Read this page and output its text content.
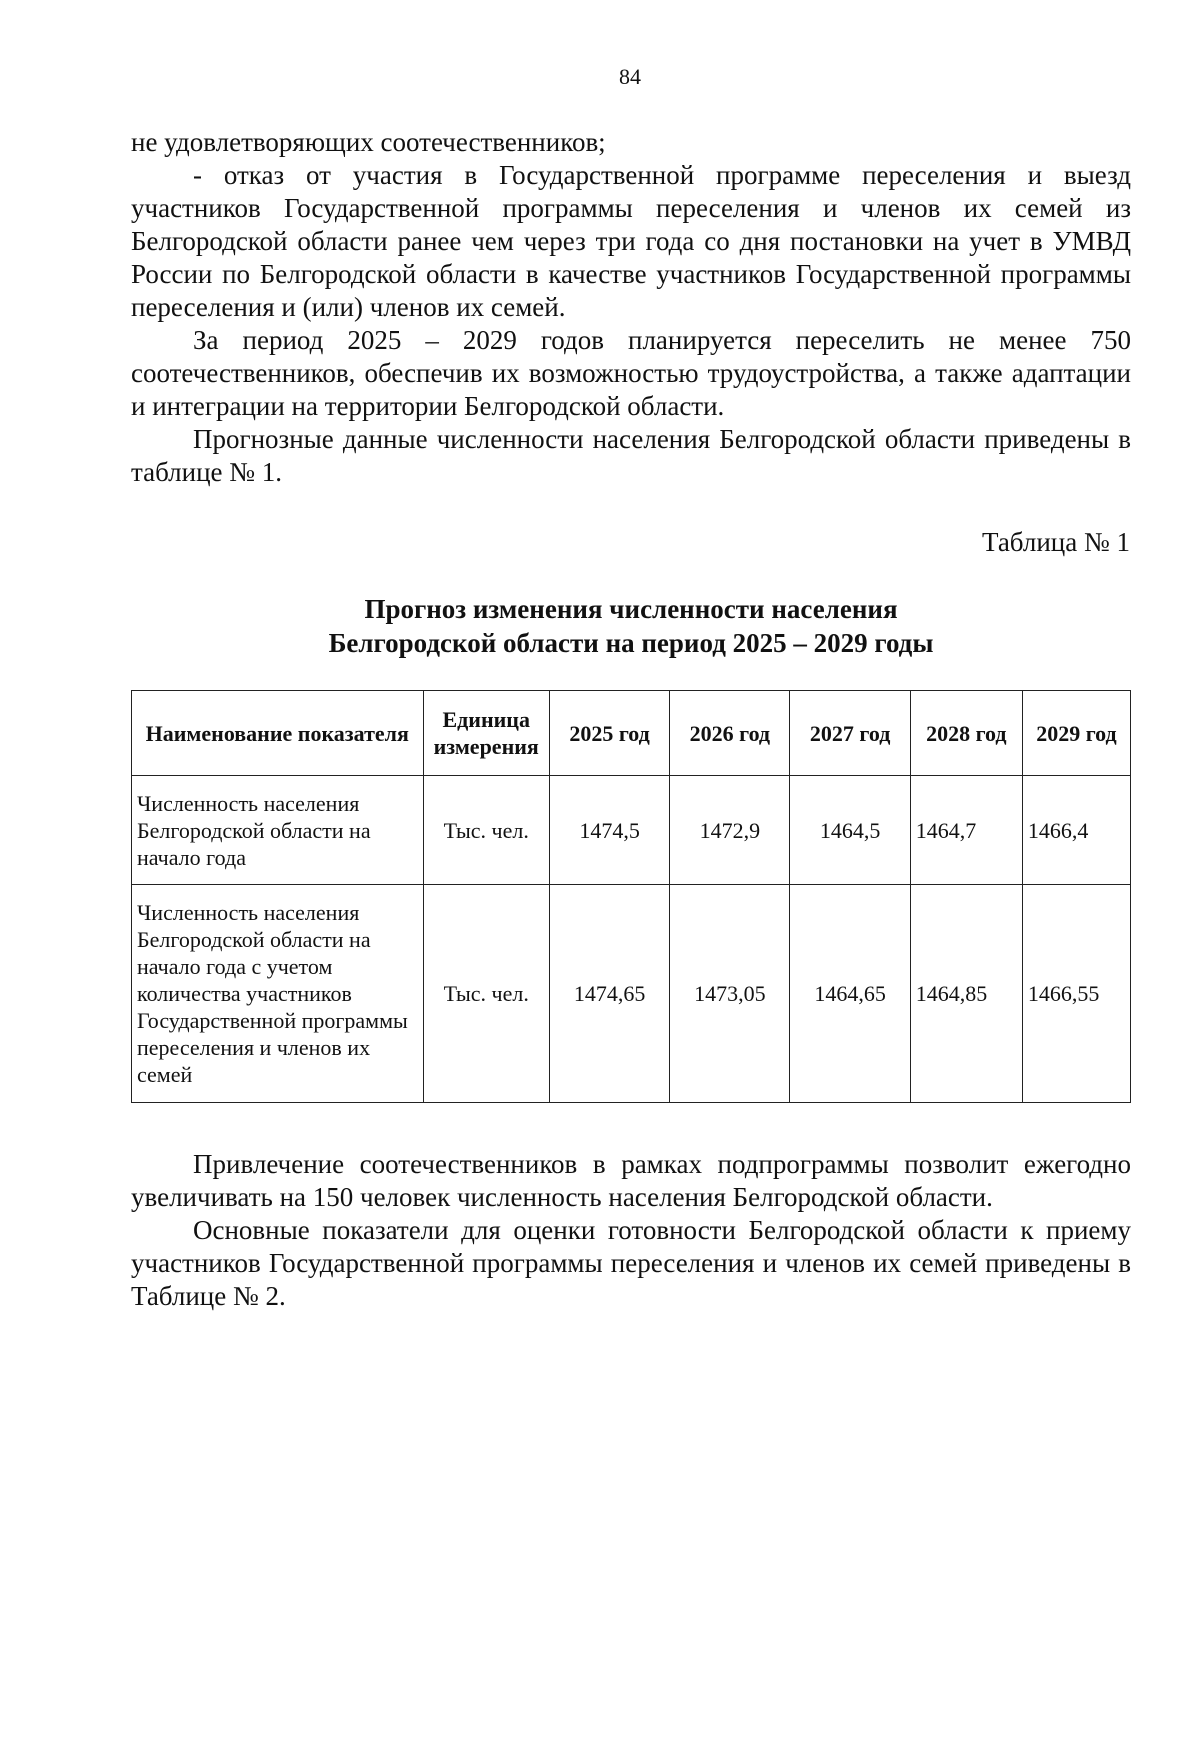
84
не удовлетворяющих соотечественников;
- отказ от участия в Государственной программе переселения и выезд участников Государственной программы переселения и членов их семей из Белгородской области ранее чем через три года со дня постановки на учет в УМВД России по Белгородской области в качестве участников Государственной программы переселения и (или) членов их семей.
За период 2025 – 2029 годов планируется переселить не менее 750 соотечественников, обеспечив их возможностью трудоустройства, а также адаптации и интеграции на территории Белгородской области.
Прогнозные данные численности населения Белгородской области приведены в таблице № 1.
Таблица № 1
Прогноз изменения численности населения
Белгородской области на период 2025 – 2029 годы
Наименование показателя	Единица измерения	2025 год	2026 год	2027 год	2028 год	2029 год
Численность населения Белгородской области на начало года	Тыс. чел.	1474,5	1472,9	1464,5	1464,7	1466,4
Численность населения Белгородской области на начало года с учетом количества участников Государственной программы переселения и членов их семей	Тыс. чел.	1474,65	1473,05	1464,65	1464,85	1466,55
Привлечение соотечественников в рамках подпрограммы позволит ежегодно увеличивать на 150 человек численность населения Белгородской области.
Основные показатели для оценки готовности Белгородской области к приему участников Государственной программы переселения и членов их семей приведены в Таблице № 2.
